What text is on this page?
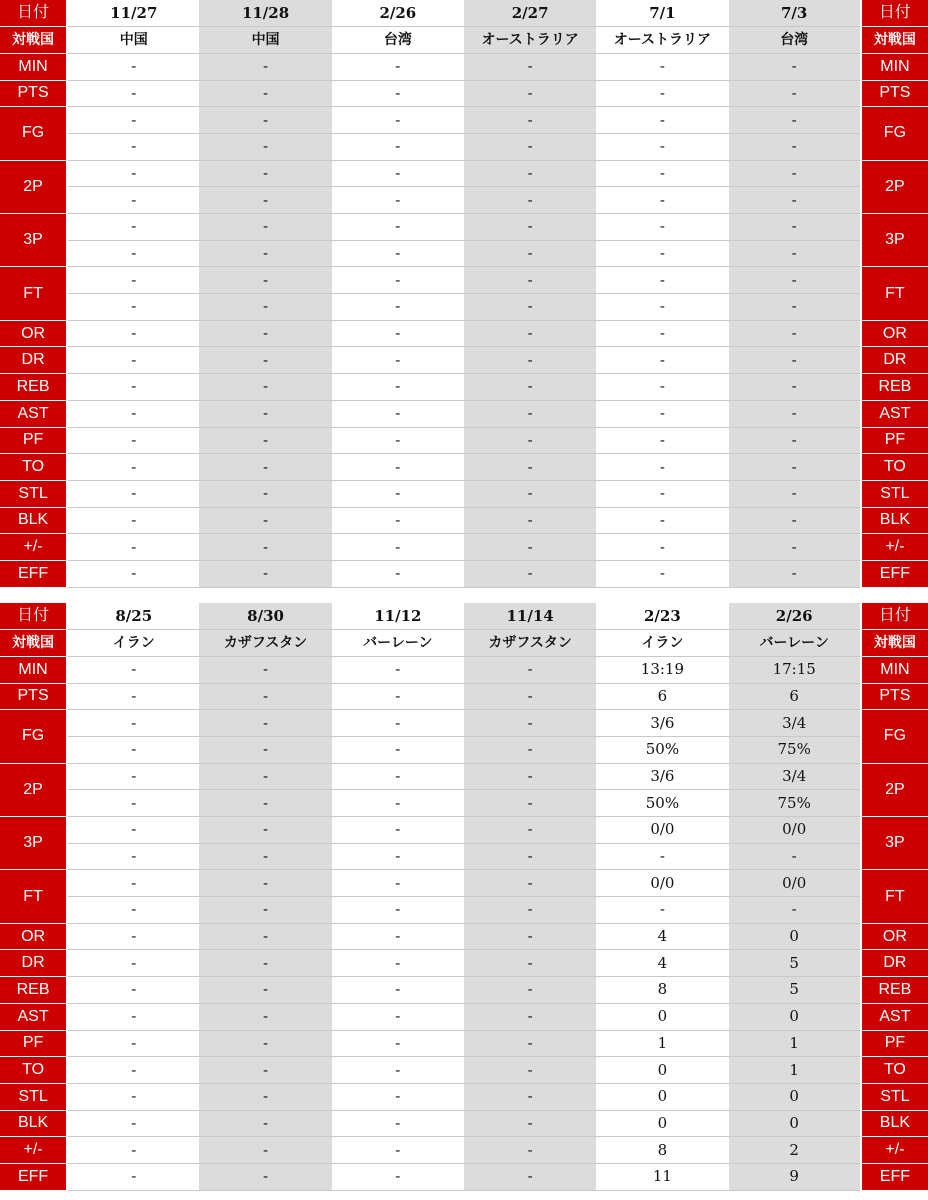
日付	11/27	11/28	2/26	2/27	7/1	7/3	日付
対戦国	中国	中国	台湾	オーストラリア	オーストラリア	台湾	対戦国
MIN	-	-	-	-	-	-	MIN
PTS	-	-	-	-	-	-	PTS
FG	-	-	-	-	-	-	FG
	-	-	-	-	-	-	
2P	-	-	-	-	-	-	2P
	-	-	-	-	-	-	
3P	-	-	-	-	-	-	3P
	-	-	-	-	-	-	
FT	-	-	-	-	-	-	FT
	-	-	-	-	-	-	
OR	-	-	-	-	-	-	OR
DR	-	-	-	-	-	-	DR
REB	-	-	-	-	-	-	REB
AST	-	-	-	-	-	-	AST
PF	-	-	-	-	-	-	PF
TO	-	-	-	-	-	-	TO
STL	-	-	-	-	-	-	STL
BLK	-	-	-	-	-	-	BLK
+/-	-	-	-	-	-	-	+/-
EFF	-	-	-	-	-	-	EFF
日付	8/25	8/30	11/12	11/14	2/23	2/26	日付
対戦国	イラン	カザフスタン	バーレーン	カザフスタン	イラン	バーレーン	対戦国
MIN	-	-	-	-	13:19	17:15	MIN
PTS	-	-	-	-	6	6	PTS
FG	-	-	-	-	3/6	3/4	FG
	-	-	-	-	50%	75%	
2P	-	-	-	-	3/6	3/4	2P
	-	-	-	-	50%	75%	
3P	-	-	-	-	0/0	0/0	3P
	-	-	-	-	-	-	
FT	-	-	-	-	0/0	0/0	FT
	-	-	-	-	-	-	
OR	-	-	-	-	4	0	OR
DR	-	-	-	-	4	5	DR
REB	-	-	-	-	8	5	REB
AST	-	-	-	-	0	0	AST
PF	-	-	-	-	1	1	PF
TO	-	-	-	-	0	1	TO
STL	-	-	-	-	0	0	STL
BLK	-	-	-	-	0	0	BLK
+/-	-	-	-	-	8	2	+/-
EFF	-	-	-	-	11	9	EFF
